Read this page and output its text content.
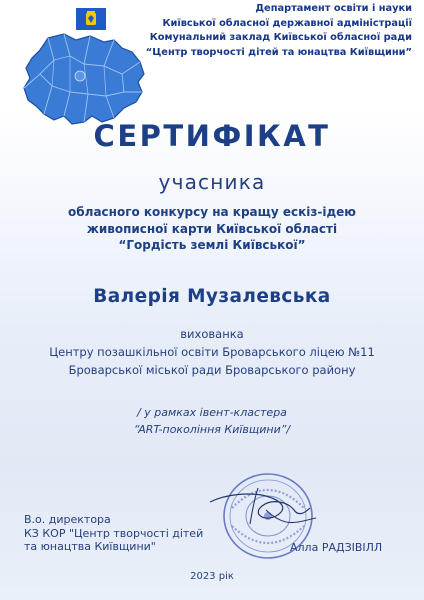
Департамент освіти і науки
Київської обласної державної адміністрації
Комунальний заклад Київської обласної ради
“Центр творчості дітей та юнацтва Київщини”
СЕРТИФІКАТ
учасника
обласного конкурсу на кращу ескіз-ідею
живописної карти Київської області
“Гордість землі Київської”
Валерія Музалевська
вихованка
Центру позашкільної освіти Броварського ліцею №11
Броварської міської ради Броварського району
/ у рамках івент-кластера
“ART-покоління Київщини”/
В.о. директора
КЗ КОР "Центр творчості дітей
та юнацтва Київщини"	Алла РАДЗІВІЛЛ
2023 рік
